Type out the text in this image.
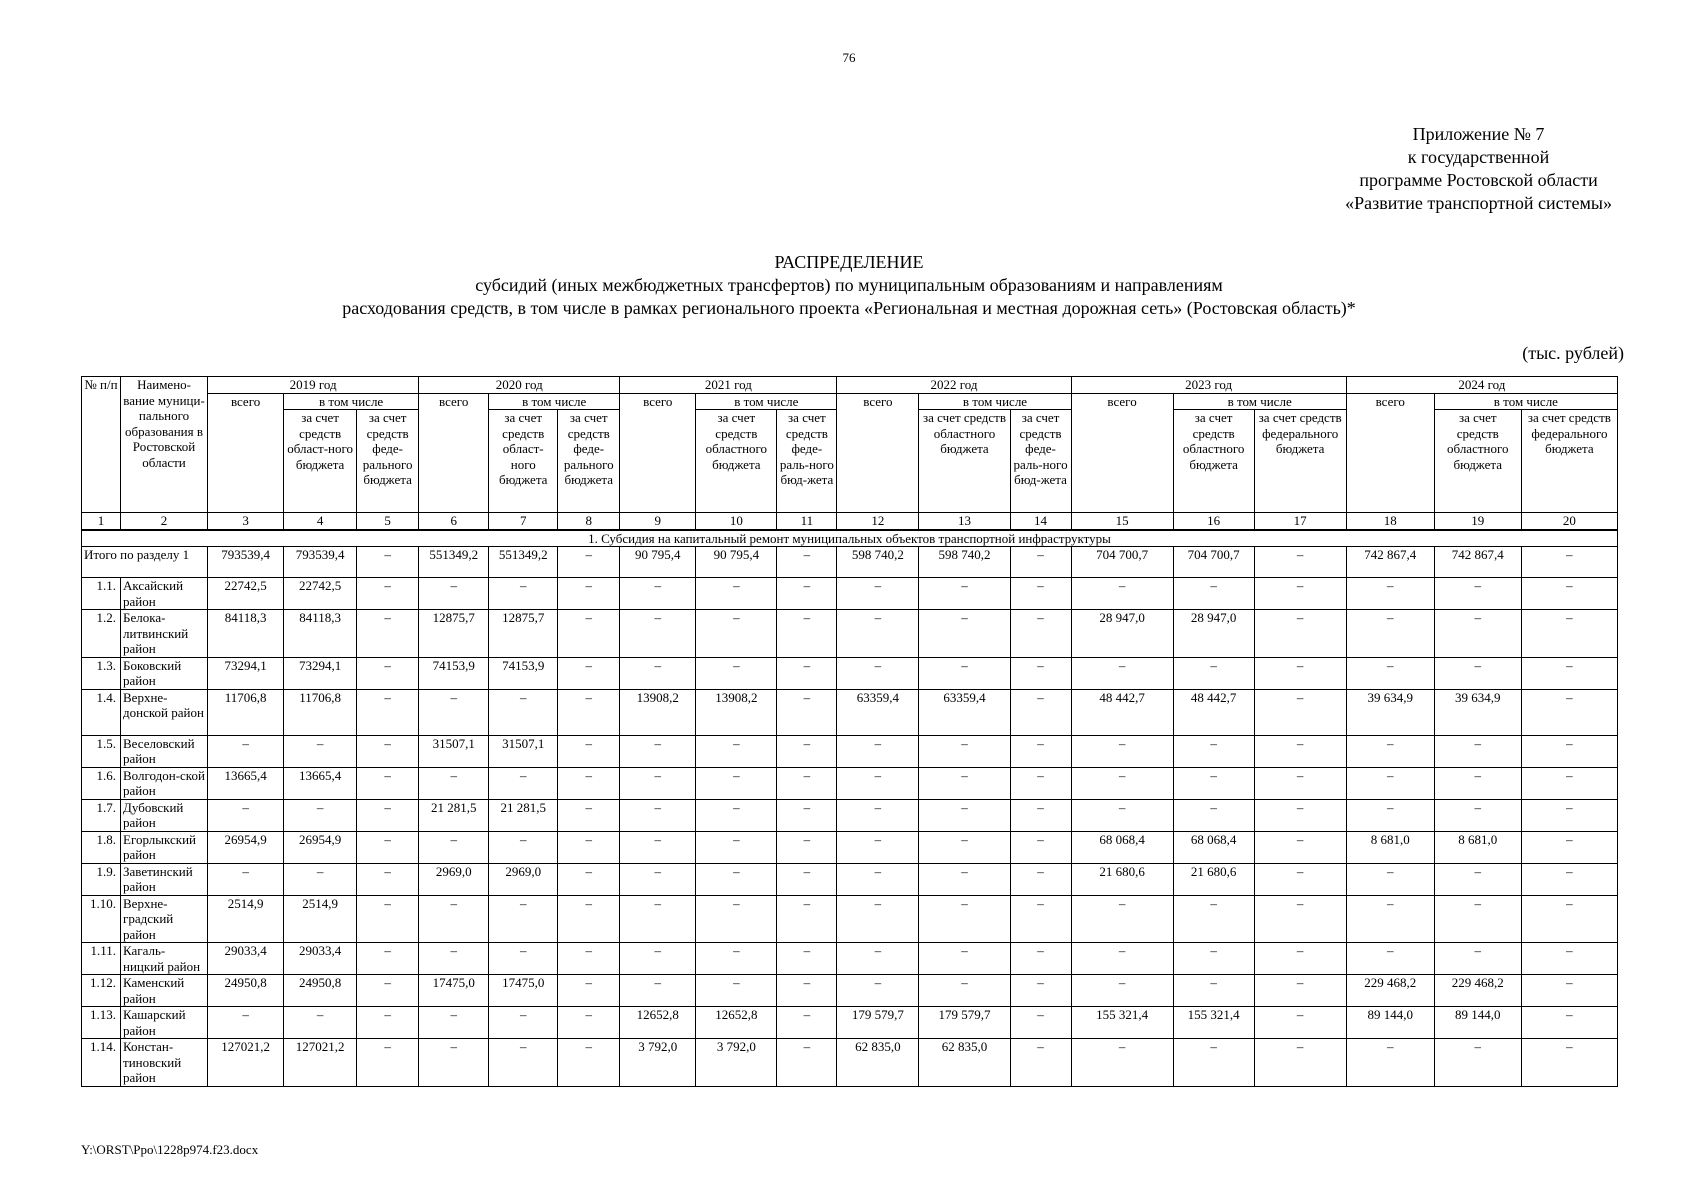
76
Приложение № 7
к государственной
программе Ростовской области
«Развитие транспортной системы»
РАСПРЕДЕЛЕНИЕ
субсидий (иных межбюджетных трансфертов) по муниципальным образованиям и направлениям
расходования средств, в том числе в рамках регионального проекта «Региональная и местная дорожная сеть» (Ростовская область)*
(тыс. рублей)
№ п/п	Наимено-вание муници-пального образования в Ростовской области	2019 год			2020 год			2021 год			2022 год			2023 год			2024 год		
		всего	в том числе		всего	в том числе		всего	в том числе		всего	в том числе		всего	в том числе		всего	в том числе	
			за счет средств област-ного бюджета	за счет средств феде-рального бюджета		за счет средств област-ного бюджета	за счет средств феде-рального бюджета		за счет средств областного бюджета	за счет средств феде-раль-ного бюд-жета		за счет средств областного бюджета	за счет средств феде-раль-ного бюд-жета		за счет средств областного бюджета	за счет средств федерального бюджета		за счет средств областного бюджета	за счет средств федерального бюджета
1	2	3	4	5	6	7	8	9	10	11	12	13	14	15	16	17	18	19	20
1. Субсидия на капитальный ремонт муниципальных объектов транспортной инфраструктуры																			
Итого по разделу 1		793539,4	793539,4	–	551349,2	551349,2	–	90 795,4	90 795,4	–	598 740,2	598 740,2	–	704 700,7	704 700,7	–	742 867,4	742 867,4	–
1.1.	Аксайский район	22742,5	22742,5	–	–	–	–	–	–	–	–	–	–	–	–	–	–	–	–
1.2.	Белока-литвинский район	84118,3	84118,3	–	12875,7	12875,7	–	–	–	–	–	–	–	28 947,0	28 947,0	–	–	–	–
1.3.	Боковский район	73294,1	73294,1	–	74153,9	74153,9	–	–	–	–	–	–	–	–	–	–	–	–	–
1.4.	Верхне-донской район	11706,8	11706,8	–	–	–	–	13908,2	13908,2	–	63359,4	63359,4	–	48 442,7	48 442,7	–	39 634,9	39 634,9	–
1.5.	Веселовский район	–	–	–	31507,1	31507,1	–	–	–	–	–	–	–	–	–	–	–	–	–
1.6.	Волгодон-ской район	13665,4	13665,4	–	–	–	–	–	–	–	–	–	–	–	–	–	–	–	–
1.7.	Дубовский район	–	–	–	21 281,5	21 281,5	–	–	–	–	–	–	–	–	–	–	–	–	–
1.8.	Егорлыкский район	26954,9	26954,9	–	–	–	–	–	–	–	–	–	–	68 068,4	68 068,4	–	8 681,0	8 681,0	–
1.9.	Заветинский район	–	–	–	2969,0	2969,0	–	–	–	–	–	–	–	21 680,6	21 680,6	–	–	–	–
1.10.	Верхне-градский район	2514,9	2514,9	–	–	–	–	–	–	–	–	–	–	–	–	–	–	–	–
1.11.	Кагаль-ницкий район	29033,4	29033,4	–	–	–	–	–	–	–	–	–	–	–	–	–	–	–	–
1.12.	Каменский район	24950,8	24950,8	–	17475,0	17475,0	–	–	–	–	–	–	–	–	–	–	229 468,2	229 468,2	–
1.13.	Кашарский район	–	–	–	–	–	–	12652,8	12652,8	–	179 579,7	179 579,7	–	155 321,4	155 321,4	–	89 144,0	89 144,0	–
1.14.	Констан-тиновский район	127021,2	127021,2	–	–	–	–	3 792,0	3 792,0	–	62 835,0	62 835,0	–	–	–	–	–	–	–
Y:\ORST\Ppo\1228p974.f23.docx
